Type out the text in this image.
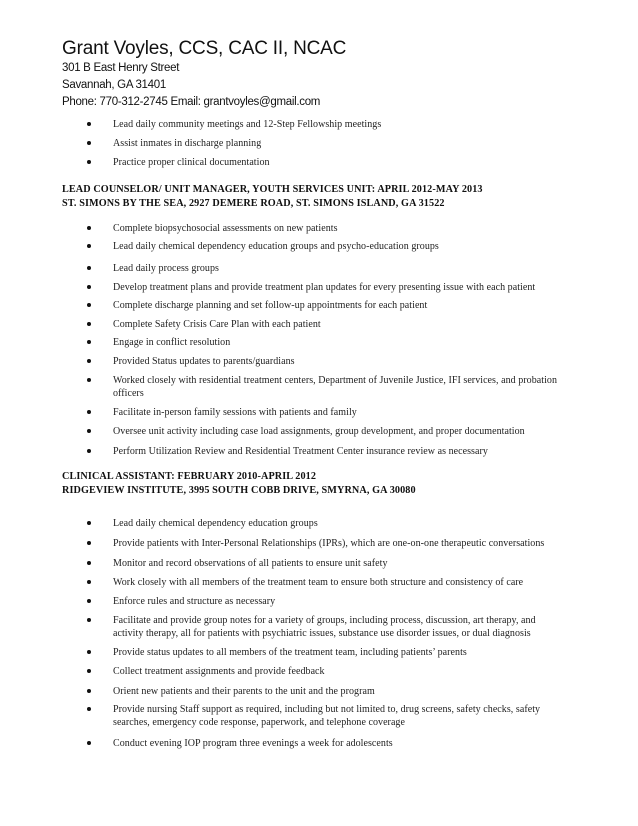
Grant Voyles, CCS, CAC II, NCAC

301 B East Henry Street

Savannah, GA 31401

Phone: 770-312-2745 Email: grantvoyles@gmail.com

Lead daily community meetings and 12-Step Fellowship meetings
Assist inmates in discharge planning
Practice proper clinical documentation
LEAD COUNSELOR/ UNIT MANAGER, YOUTH SERVICES UNIT: APRIL 2012-MAY 2013
ST. SIMONS BY THE SEA, 2927 DEMERE ROAD, ST. SIMONS ISLAND, GA 31522
Complete biopsychosocial assessments on new patients
Lead daily chemical dependency education groups and psycho-education groups
Lead daily process groups
Develop treatment plans and provide treatment plan updates for every presenting issue with each patient
Complete discharge planning and set follow-up appointments for each patient
Complete Safety Crisis Care Plan with each patient
Engage in conflict resolution
Provided Status updates to parents/guardians
Worked closely with residential treatment centers, Department of Juvenile Justice, IFI services, and probation officers
Facilitate in-person family sessions with patients and family
Oversee unit activity including case load assignments, group development, and proper documentation
Perform Utilization Review and Residential Treatment Center insurance review as necessary
CLINICAL ASSISTANT: FEBRUARY 2010-APRIL 2012
RIDGEVIEW INSTITUTE, 3995 SOUTH COBB DRIVE, SMYRNA, GA 30080
Lead daily chemical dependency education groups
Provide patients with Inter-Personal Relationships (IPRs), which are one-on-one therapeutic conversations
Monitor and record observations of all patients to ensure unit safety
Work closely with all members of the treatment team to ensure both structure and consistency of care
Enforce rules and structure as necessary
Facilitate and provide group notes for a variety of groups, including process, discussion, art therapy, and activity therapy, all for patients with psychiatric issues, substance use disorder issues, or dual diagnosis
Provide status updates to all members of the treatment team, including patients’ parents
Collect treatment assignments and provide feedback
Orient new patients and their parents to the unit and the program
Provide nursing Staff support as required, including but not limited to, drug screens, safety checks, safety searches, emergency code response, paperwork, and telephone coverage
Conduct evening IOP program three evenings a week for adolescents
